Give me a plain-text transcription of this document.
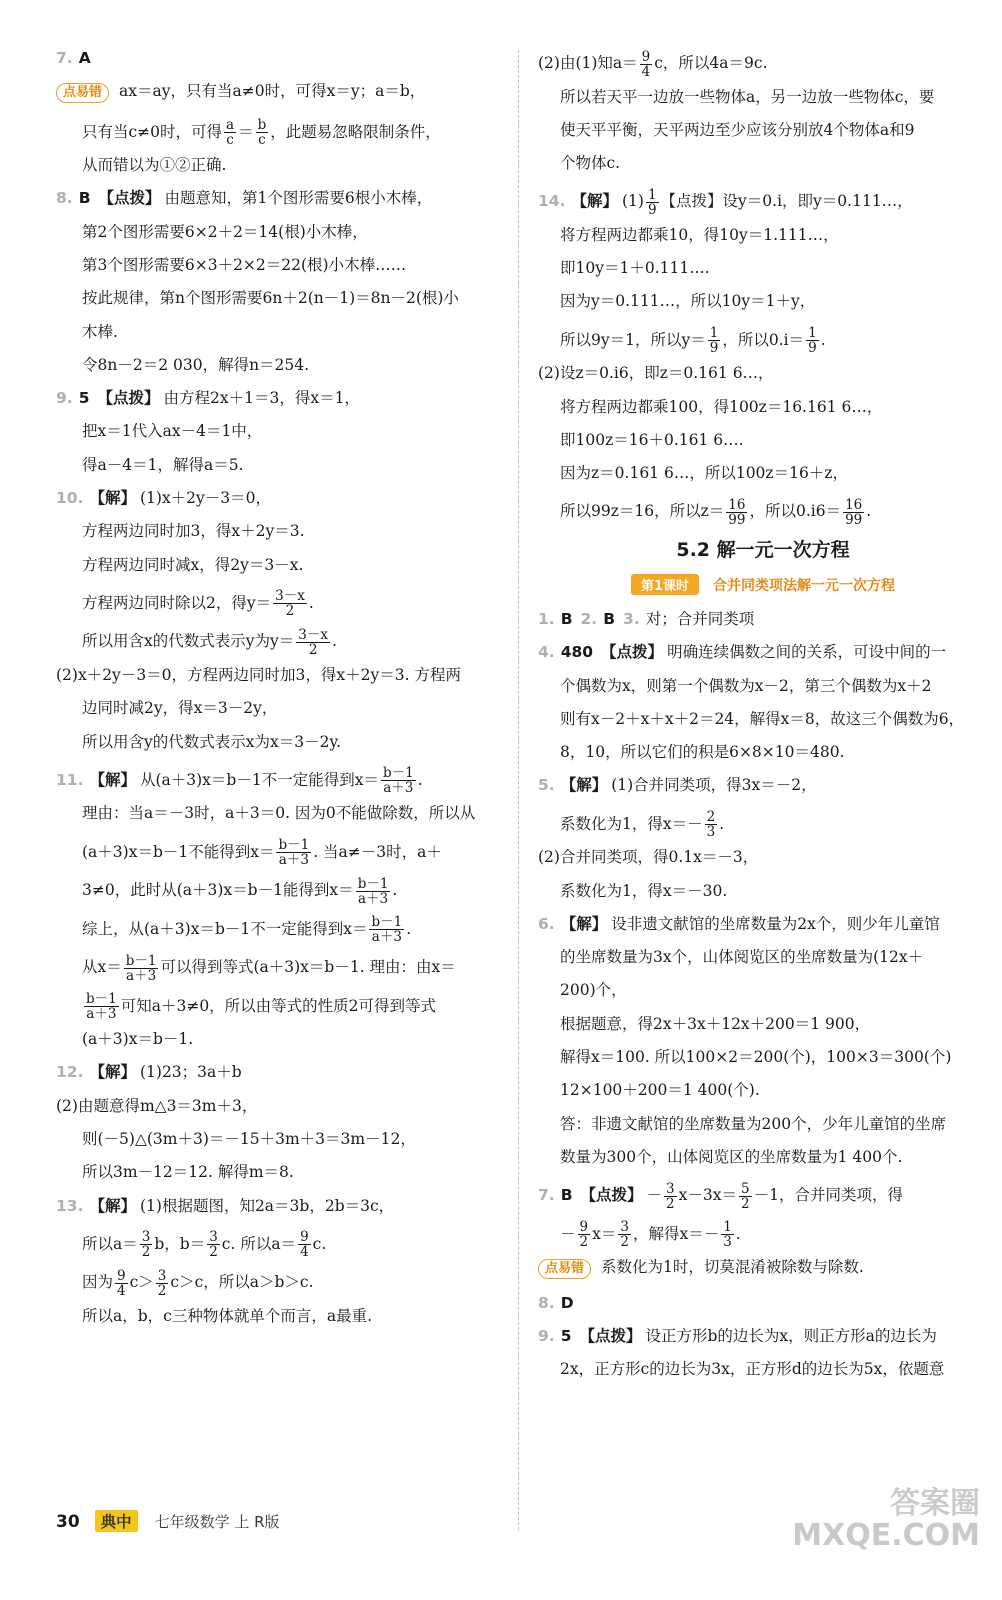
7. A
点易错 ax＝ay，只有当a≠0时，可得x＝y；a＝b，
只有当c≠0时，可得 $\frac{a}{c} = \frac{b}{c}$ ，此题易忽略限制条件，
从而错以为①②正确.
8. B 【点拨】 由题意知，第1个图形需要6根小木棒，
第2个图形需要6×2＋2＝14(根)小木棒，
第3个图形需要6×3＋2×2＝22(根)小木棒……
按此规律，第n个图形需要6n＋2(n－1)＝8n－2(根)小
木棒.
令8n－2＝2 030，解得n＝254.
9. 5 【点拨】 由方程2x＋1＝3，得x＝1，
把x＝1代入ax－4＝1中，
得a－4＝1，解得a＝5.
10. 【解】 (1)x＋2y－3＝0，
方程两边同时加3，得x＋2y＝3.
方程两边同时减x，得2y＝3－x.
方程两边同时除以2，得$y= \frac{3-x}{2}$ .
所以用含x的代数式表示y为$y= \frac{3-x}{2}$ .
(2)x＋2y－3＝0，方程两边同时加3，得x＋2y＝3. 方程两
边同时减2y，得x＝3－2y，
所以用含y的代数式表示x为x＝3－2y.
11. 【解】 从(a＋3)x＝b－1不一定能得到$x= \frac{b-1}{a+3}$ .
理由：当a＝－3时，a＋3＝0. 因为0不能做除数，所以从
(a＋3)x＝b－1不能得到$x= \frac{b-1}{a+3}$ . 当a≠－3时，a＋
3≠0，此时从(a＋3)x＝b－1能得到$x= \frac{b-1}{a+3}$ .
综上，从(a＋3)x＝b－1不一定能得到$x= \frac{b-1}{a+3}$ .
从$x= \frac{b-1}{a+3}$ 可以得到等式(a＋3)x＝b－1. 理由：由x＝
$\frac{b-1}{a+3}$ 可知a＋3≠0，所以由等式的性质2可得到等式
(a＋3)x＝b－1.
12. 【解】 (1)23；3a＋b
(2)由题意得m△3＝3m＋3，
则(－5)△(3m＋3)＝－15＋3m＋3＝3m－12，
所以3m－12＝12. 解得m＝8.
13. 【解】 (1)根据题图，知2a＝3b，2b＝3c，
所以$a= \frac{3}{2}$ b，$b= \frac{3}{2} c$. 所以$a= \frac{9}{4} c$.
因为 $\frac{9}{4} c> \frac{3}{2} c>c$，所以a＞b＞c.
所以a，b，c三种物体就单个而言，a最重.
(2)由(1)知$a= \frac{9}{4}$ c，所以4a＝9c.
所以若天平一边放一些物体a，另一边放一些物体c，要
使天平平衡，天平两边至少应该分别放4个物体a和9
个物体c.
14. 【解】 $(1) \frac{1}{9}$ 【点拨】设y＝0.i，即y＝0.111…，
将方程两边都乘10，得10y＝1.111…，
即10y＝1＋0.111….
因为y＝0.111…，所以10y＝1＋y，
所以9y＝1，所以$y= \frac{1}{9}$ ，所以$0.i= \frac{1}{9}$ .
(2)设z＝0.i6，即z＝0.161 6…，
将方程两边都乘100，得100z＝16.161 6…，
即100z＝16＋0.161 6….
因为z＝0.161 6…，所以100z＝16＋z，
所以99z＝16，所以$z= \frac{16}{99}$ ，所以$0.i6= \frac{16}{99}$ .
5.2 解一元一次方程
第1课时 合并同类项法解一元一次方程
1. B 2. B 3. 对；合并同类项
4. 480 【点拨】 明确连续偶数之间的关系，可设中间的一
个偶数为x，则第一个偶数为x－2，第三个偶数为x＋2
则有x－2＋x＋x＋2＝24，解得x＝8，故这三个偶数为6，
8，10，所以它们的积是6×8×10＝480.
5. 【解】 (1)合并同类项，得3x＝－2，
系数化为1，得$x=- \frac{2}{3}$ .
(2)合并同类项，得0.1x＝－3，
系数化为1，得x＝－30.
6. 【解】 设非遗文献馆的坐席数量为2x个，则少年儿童馆
的坐席数量为3x个，山体阅览区的坐席数量为(12x＋
200)个，
根据题意，得2x＋3x＋12x＋200＝1 900，
解得x＝100. 所以100×2＝200(个)，100×3＝300(个)
12×100＋200＝1 400(个).
答：非遗文献馆的坐席数量为200个，少年儿童馆的坐席
数量为300个，山体阅览区的坐席数量为1 400个.
7. B 【点拨】 － $\frac{3}{2} x-3x= \frac{5}{2} -1$，合并同类项，得
－ $\frac{9}{2} x= \frac{3}{2}$ ，解得$x=- \frac{1}{3}$ .
点易错 系数化为1时，切莫混淆被除数与除数.
8. D
9. 5 【点拨】 设正方形b的边长为x，则正方形a的边长为
2x，正方形c的边长为3x，正方形d的边长为5x，依题意
30 典中 七年级数学 上 R版
答案圈
MXQE.COM
